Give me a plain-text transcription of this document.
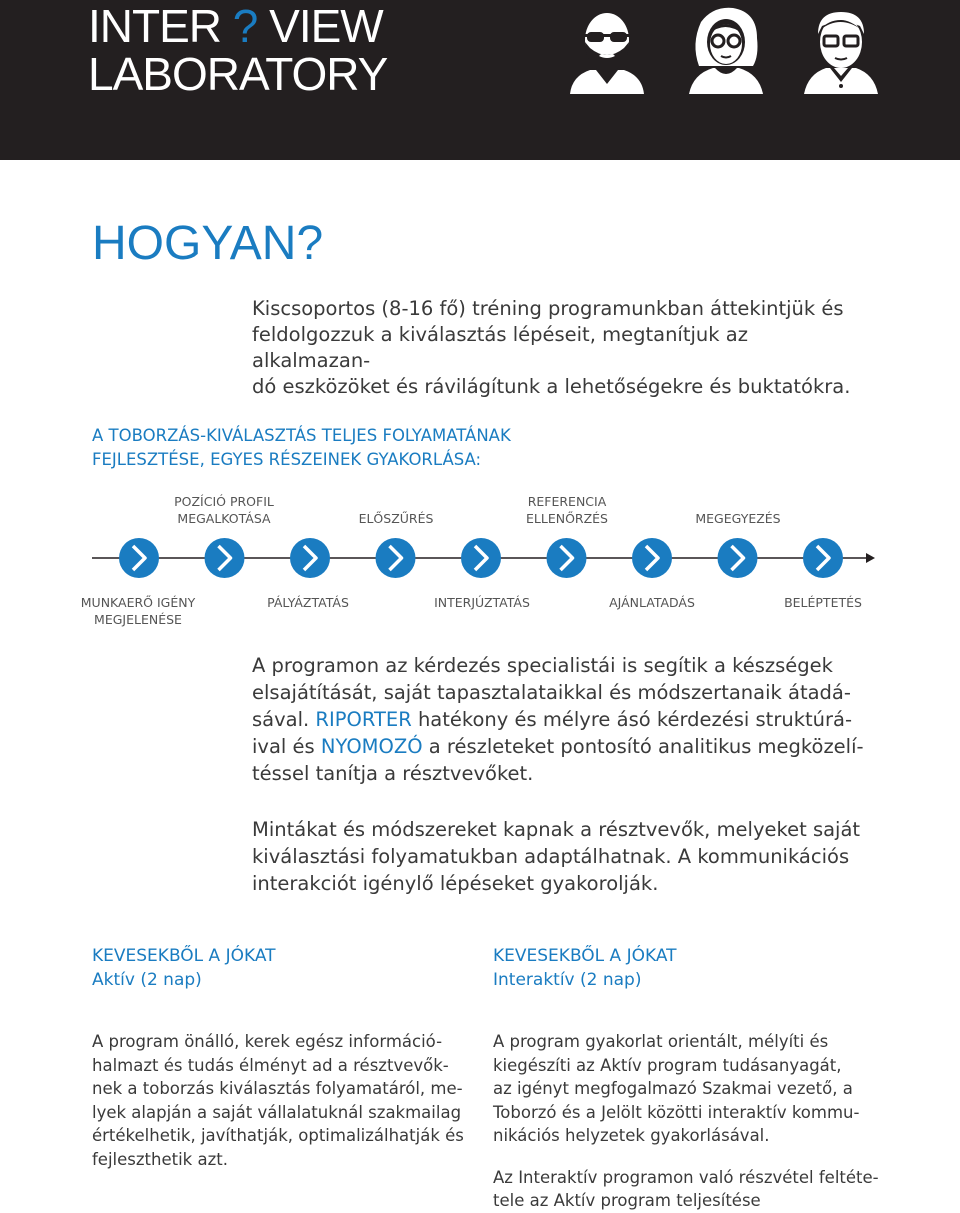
INTER ? VIEW
LABORATORY
HOGYAN?
Kiscsoportos (8-16 fő) tréning programunkban áttekintjük és
feldolgozzuk a kiválasztás lépéseit, megtanítjuk az alkalmazan-
dó eszközöket és rávilágítunk a lehetőségekre és buktatókra.
A TOBORZÁS-KIVÁLASZTÁS TELJES FOLYAMATÁNAK
FEJLESZTÉSE, EGYES RÉSZEINEK GYAKORLÁSA:
POZÍCIÓ PROFIL
MEGALKOTÁSA	ELŐSZŰRÉS
REFERENCIA
ELLENŐRZÉS	MEGEGYEZÉS
MUNKAERŐ IGÉNY
MEGJELENÉSE
PÁLYÁZTATÁS	INTERJÚZTATÁS	AJÁNLATADÁS	BELÉPTETÉS
A programon az kérdezés specialistái is segítik a készségek
elsajátítását, saját tapasztalataikkal és módszertanaik átadá-
sával. RIPORTER hatékony és mélyre ásó kérdezési struktúrá-
ival és NYOMOZÓ a részleteket pontosító analitikus megközelí-
téssel tanítja a résztvevőket.
Mintákat és módszereket kapnak a résztvevők, melyeket saját
kiválasztási folyamatukban adaptálhatnak. A kommunikációs
interakciót igénylő lépéseket gyakorolják.
KEVESEKBŐL A JÓKAT
Aktív (2 nap)
A program önálló, kerek egész információ-
halmazt és tudás élményt ad a résztvevők-
nek a toborzás kiválasztás folyamatáról, me-
lyek alapján a saját vállalatuknál szakmailag
értékelhetik, javíthatják, optimalizálhatják és
fejleszthetik azt.
KEVESEKBŐL A JÓKAT
Interaktív (2 nap)
A program gyakorlat orientált, mélyíti és
kiegészíti az Aktív program tudásanyagát,
az igényt megfogalmazó Szakmai vezető, a
Toborzó és a Jelölt közötti interaktív kommu-
nikációs helyzetek gyakorlásával.
Az Interaktív programon való részvétel feltéte-
tele az Aktív program teljesítése
